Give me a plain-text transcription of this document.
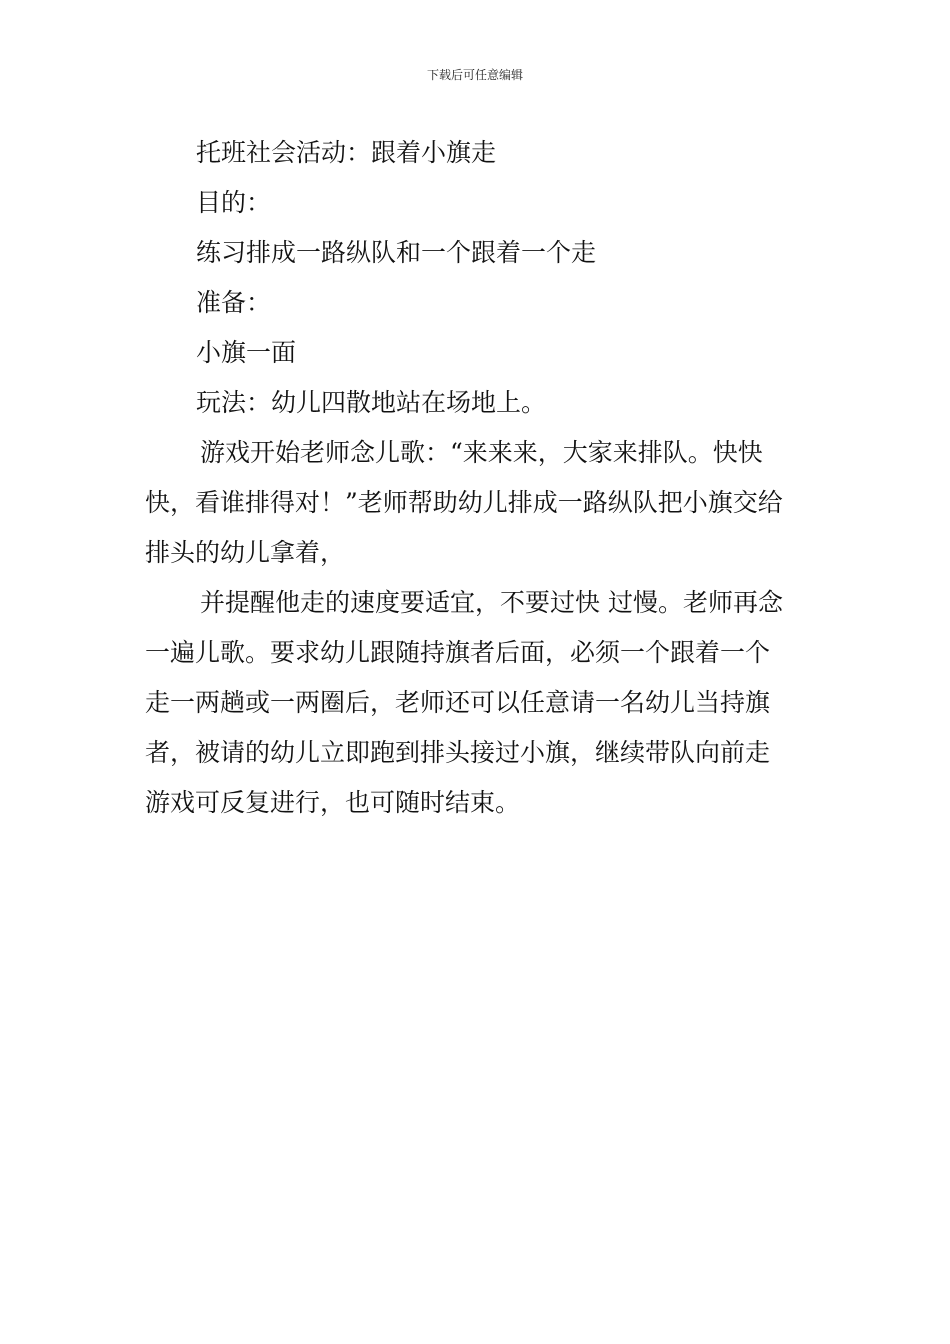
下载后可任意编辑
托班社会活动：跟着小旗走
目的：
练习排成一路纵队和一个跟着一个走
准备：
小旗一面
玩法：幼儿四散地站在场地上。

游戏开始老师念儿歌：“来来来，大家来排队。快快
快，看谁排得对！”老师帮助幼儿排成一路纵队把小旗交给
排头的幼儿拿着，

并提醒他走的速度要适宜，不要过快 过慢。老师再念
一遍儿歌。要求幼儿跟随持旗者后面，必须一个跟着一个
走一两趟或一两圈后，老师还可以任意请一名幼儿当持旗
者，被请的幼儿立即跑到排头接过小旗，继续带队向前走
游戏可反复进行，也可随时结束。
